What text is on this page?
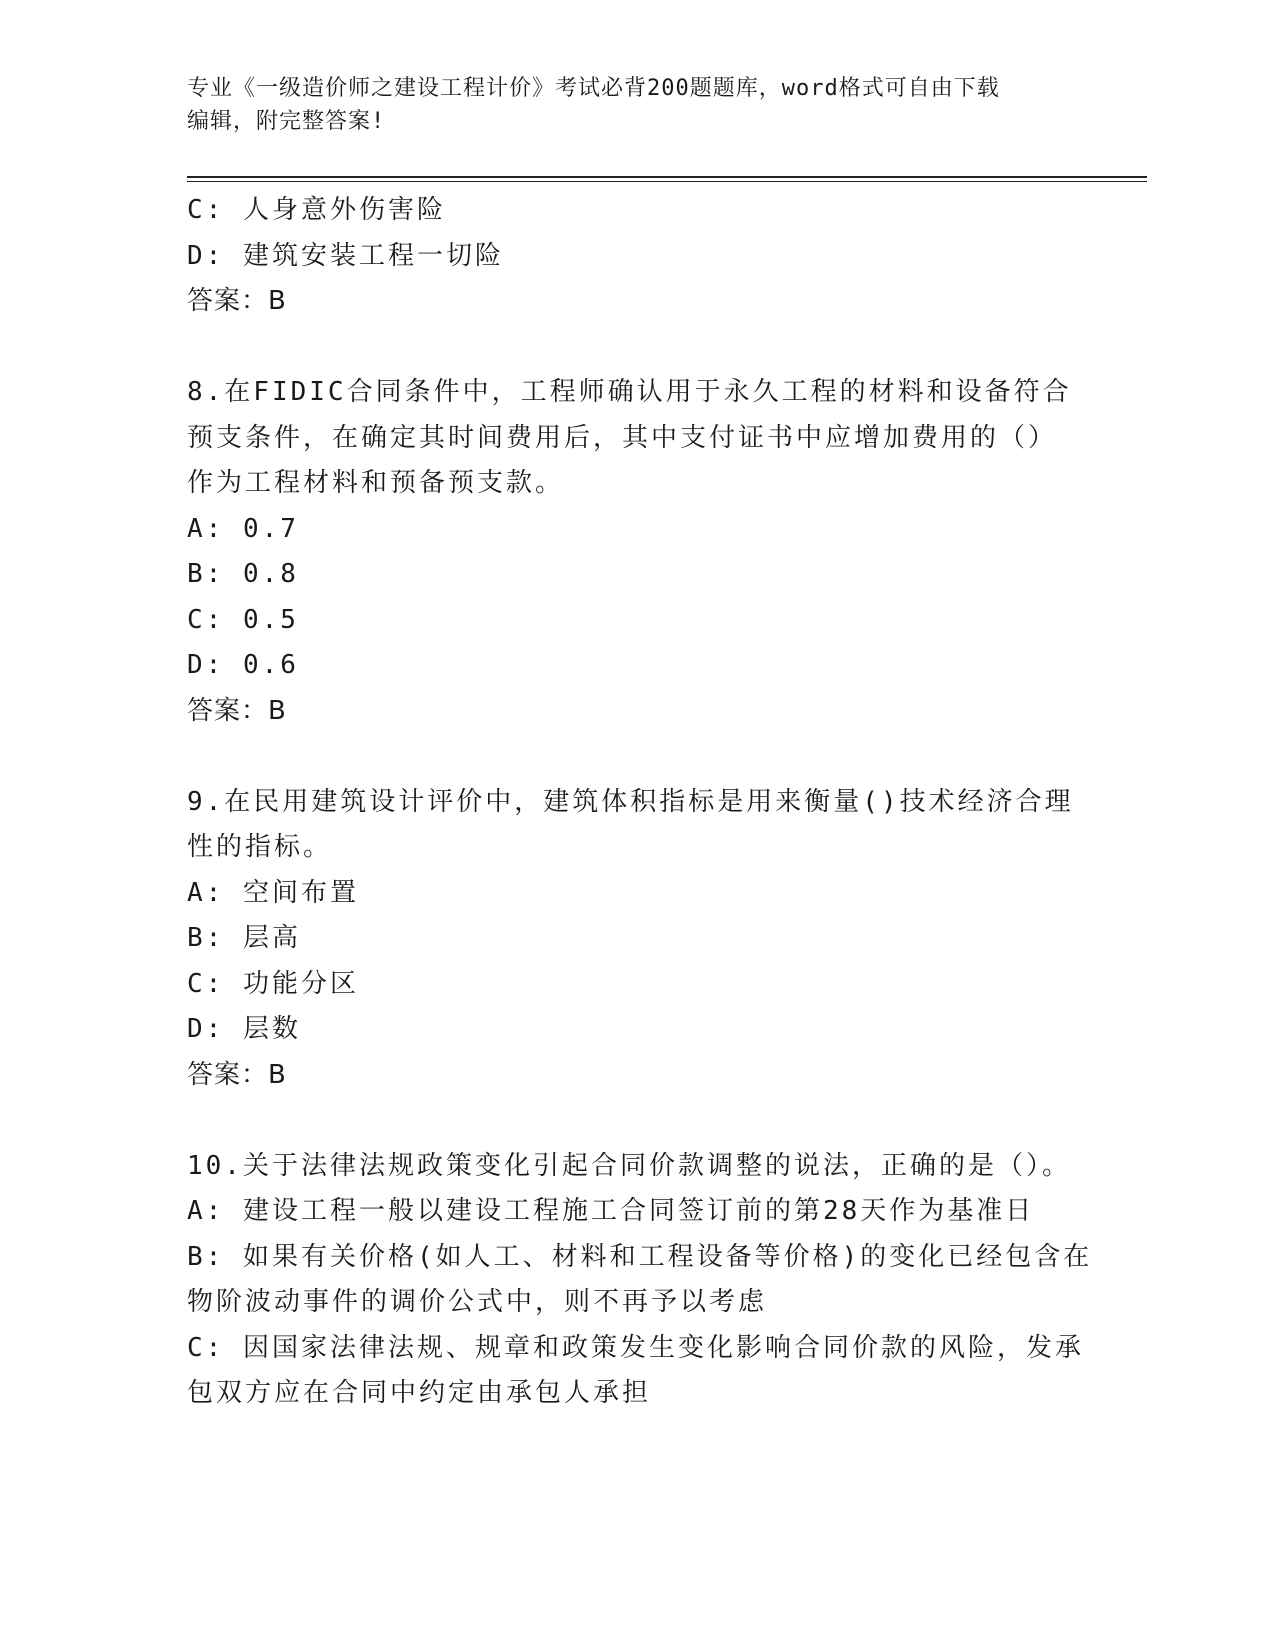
专业《一级造价师之建设工程计价》考试必背200题题库，word格式可自由下载
编辑，附完整答案!
C: 人身意外伤害险
D: 建筑安装工程一切险
答案：B
8.在FIDIC合同条件中，工程师确认用于永久工程的材料和设备符合
预支条件，在确定其时间费用后，其中支付证书中应增加费用的（）
作为工程材料和预备预支款。
A: 0.7
B: 0.8
C: 0.5
D: 0.6
答案：B
9.在民用建筑设计评价中，建筑体积指标是用来衡量()技术经济合理
性的指标。
A: 空间布置
B: 层高
C: 功能分区
D: 层数
答案：B
10.关于法律法规政策变化引起合同价款调整的说法，正确的是（）。
A: 建设工程一般以建设工程施工合同签订前的第28天作为基准日
B: 如果有关价格(如人工、材料和工程设备等价格)的变化已经包含在
物阶波动事件的调价公式中，则不再予以考虑
C: 因国家法律法规、规章和政策发生变化影响合同价款的风险，发承
包双方应在合同中约定由承包人承担
